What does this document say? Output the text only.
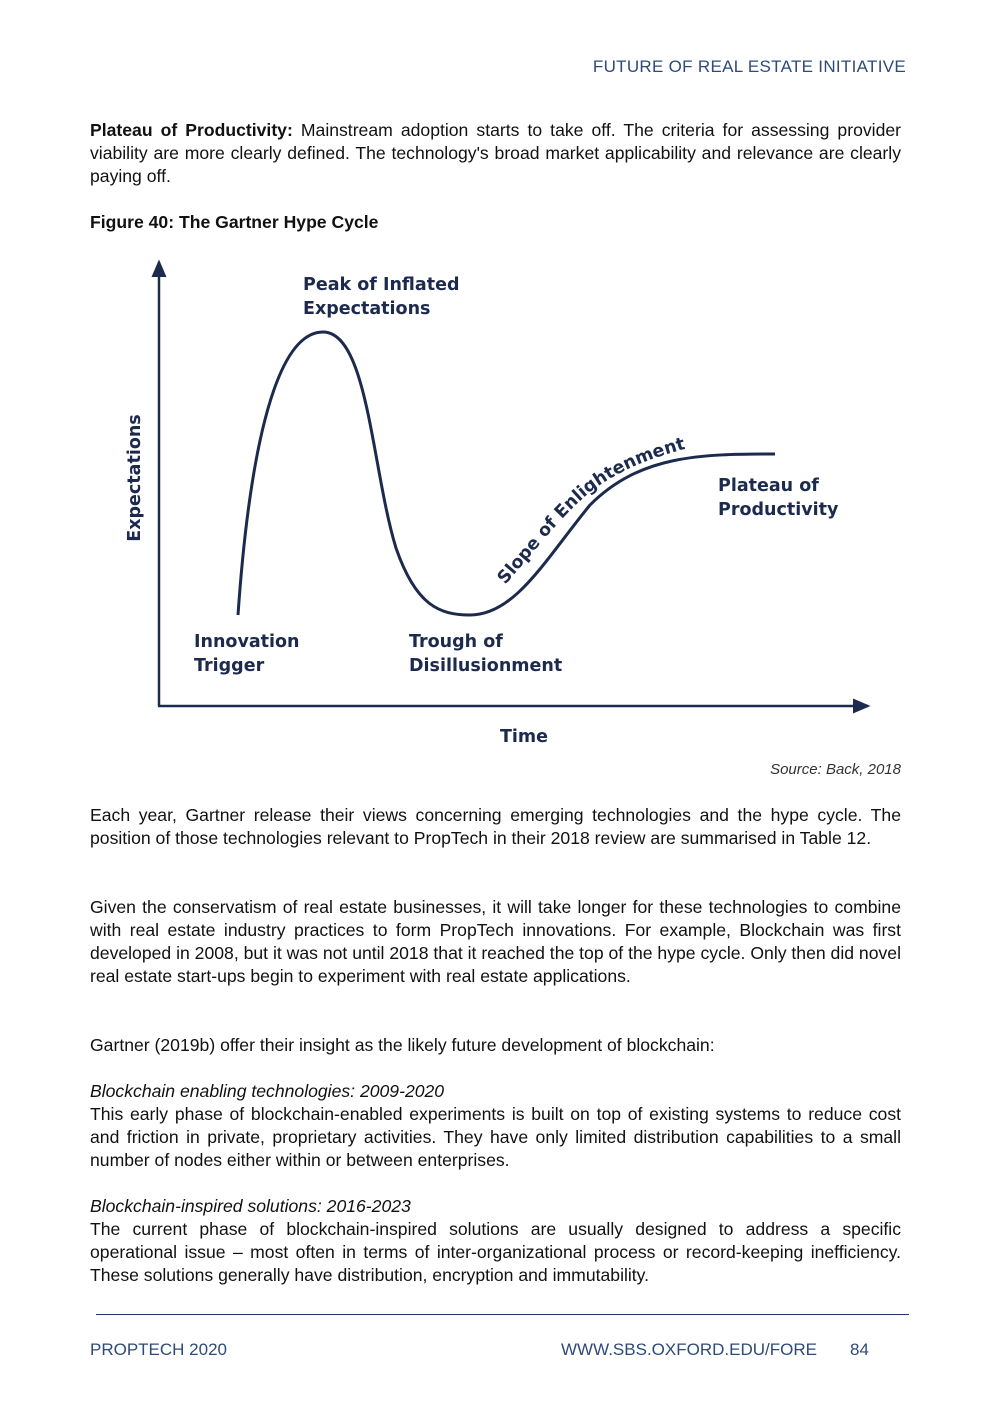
FUTURE OF REAL ESTATE INITIATIVE
Plateau of Productivity: Mainstream adoption starts to take off. The criteria for assessing provider viability are more clearly defined. The technology's broad market applicability and relevance are clearly paying off.
Figure 40: The Gartner Hype Cycle
Expectations
Time
Peak of Inflated
Expectations
Innovation
Trigger
Trough of
Disillusionment
Plateau of
Productivity
Slope of Enlightenment
Source: Back, 2018
Each year, Gartner release their views concerning emerging technologies and the hype cycle. The position of those technologies relevant to PropTech in their 2018 review are summarised in Table 12.
Given the conservatism of real estate businesses, it will take longer for these technologies to combine with real estate industry practices to form PropTech innovations. For example, Blockchain was first developed in 2008, but it was not until 2018 that it reached the top of the hype cycle. Only then did novel real estate start-ups begin to experiment with real estate applications.
Gartner (2019b) offer their insight as the likely future development of blockchain:
Blockchain enabling technologies: 2009-2020
This early phase of blockchain-enabled experiments is built on top of existing systems to reduce cost and friction in private, proprietary activities. They have only limited distribution capabilities to a small number of nodes either within or between enterprises.
Blockchain-inspired solutions: 2016-2023
The current phase of blockchain-inspired solutions are usually designed to address a specific operational issue – most often in terms of inter-organizational process or record-keeping inefficiency. These solutions generally have distribution, encryption and immutability.
PROPTECH 2020	WWW.SBS.OXFORD.EDU/FORE 84
